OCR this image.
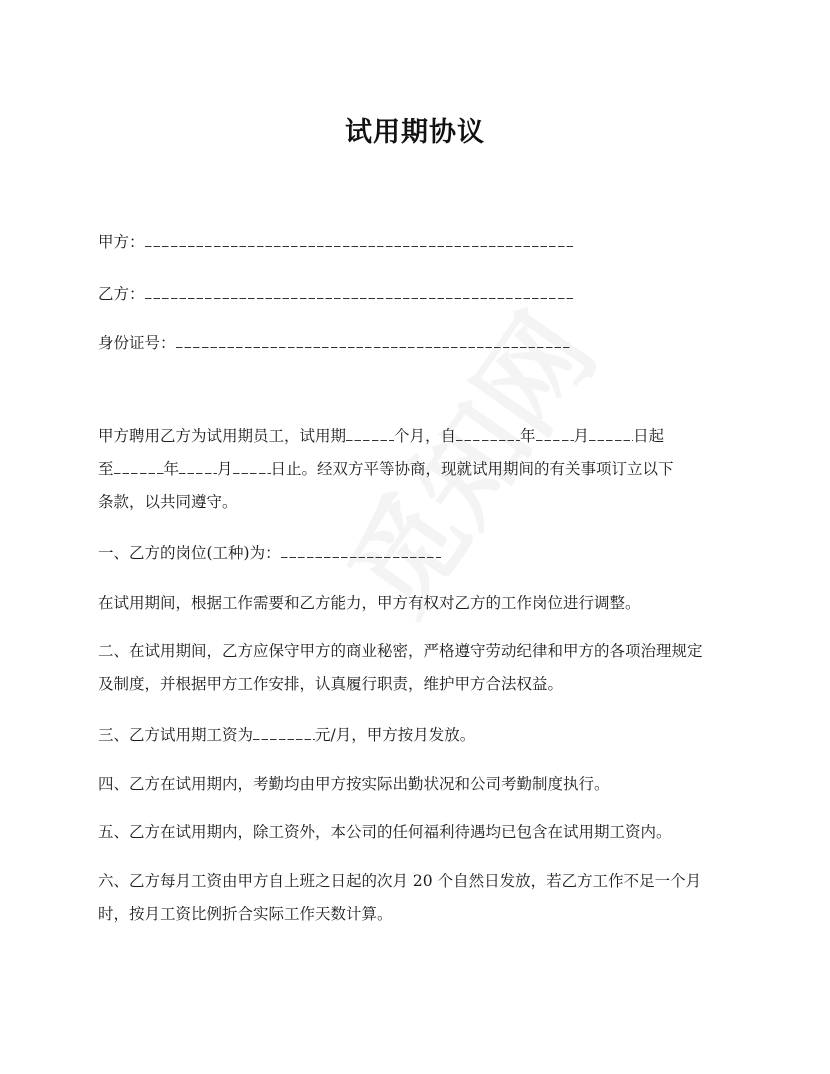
试用期协议
甲方：
乙方：
身份证号：
甲方聘用乙方为试用期员工，试用期	个月，自	年 月	日起
至	年 月 日止。经双方平等协商，现就试用期间的有关事项订立以下
条款，以共同遵守。
一、乙方的岗位(工种)为：
在试用期间，根据工作需要和乙方能力，甲方有权对乙方的工作岗位进行调整。
二、在试用期间，乙方应保守甲方的商业秘密，严格遵守劳动纪律和甲方的各项治理规定
及制度，并根据甲方工作安排，认真履行职责，维护甲方合法权益。
三、乙方试用期工资为	元/月，甲方按月发放。
四、乙方在试用期内，考勤均由甲方按实际出勤状况和公司考勤制度执行。
五、乙方在试用期内，除工资外，本公司的任何福利待遇均已包含在试用期工资内。
六、乙方每月工资由甲方自上班之日起的次月 20 个自然日发放，若乙方工作不足一个月
时，按月工资比例折合实际工作天数计算。
